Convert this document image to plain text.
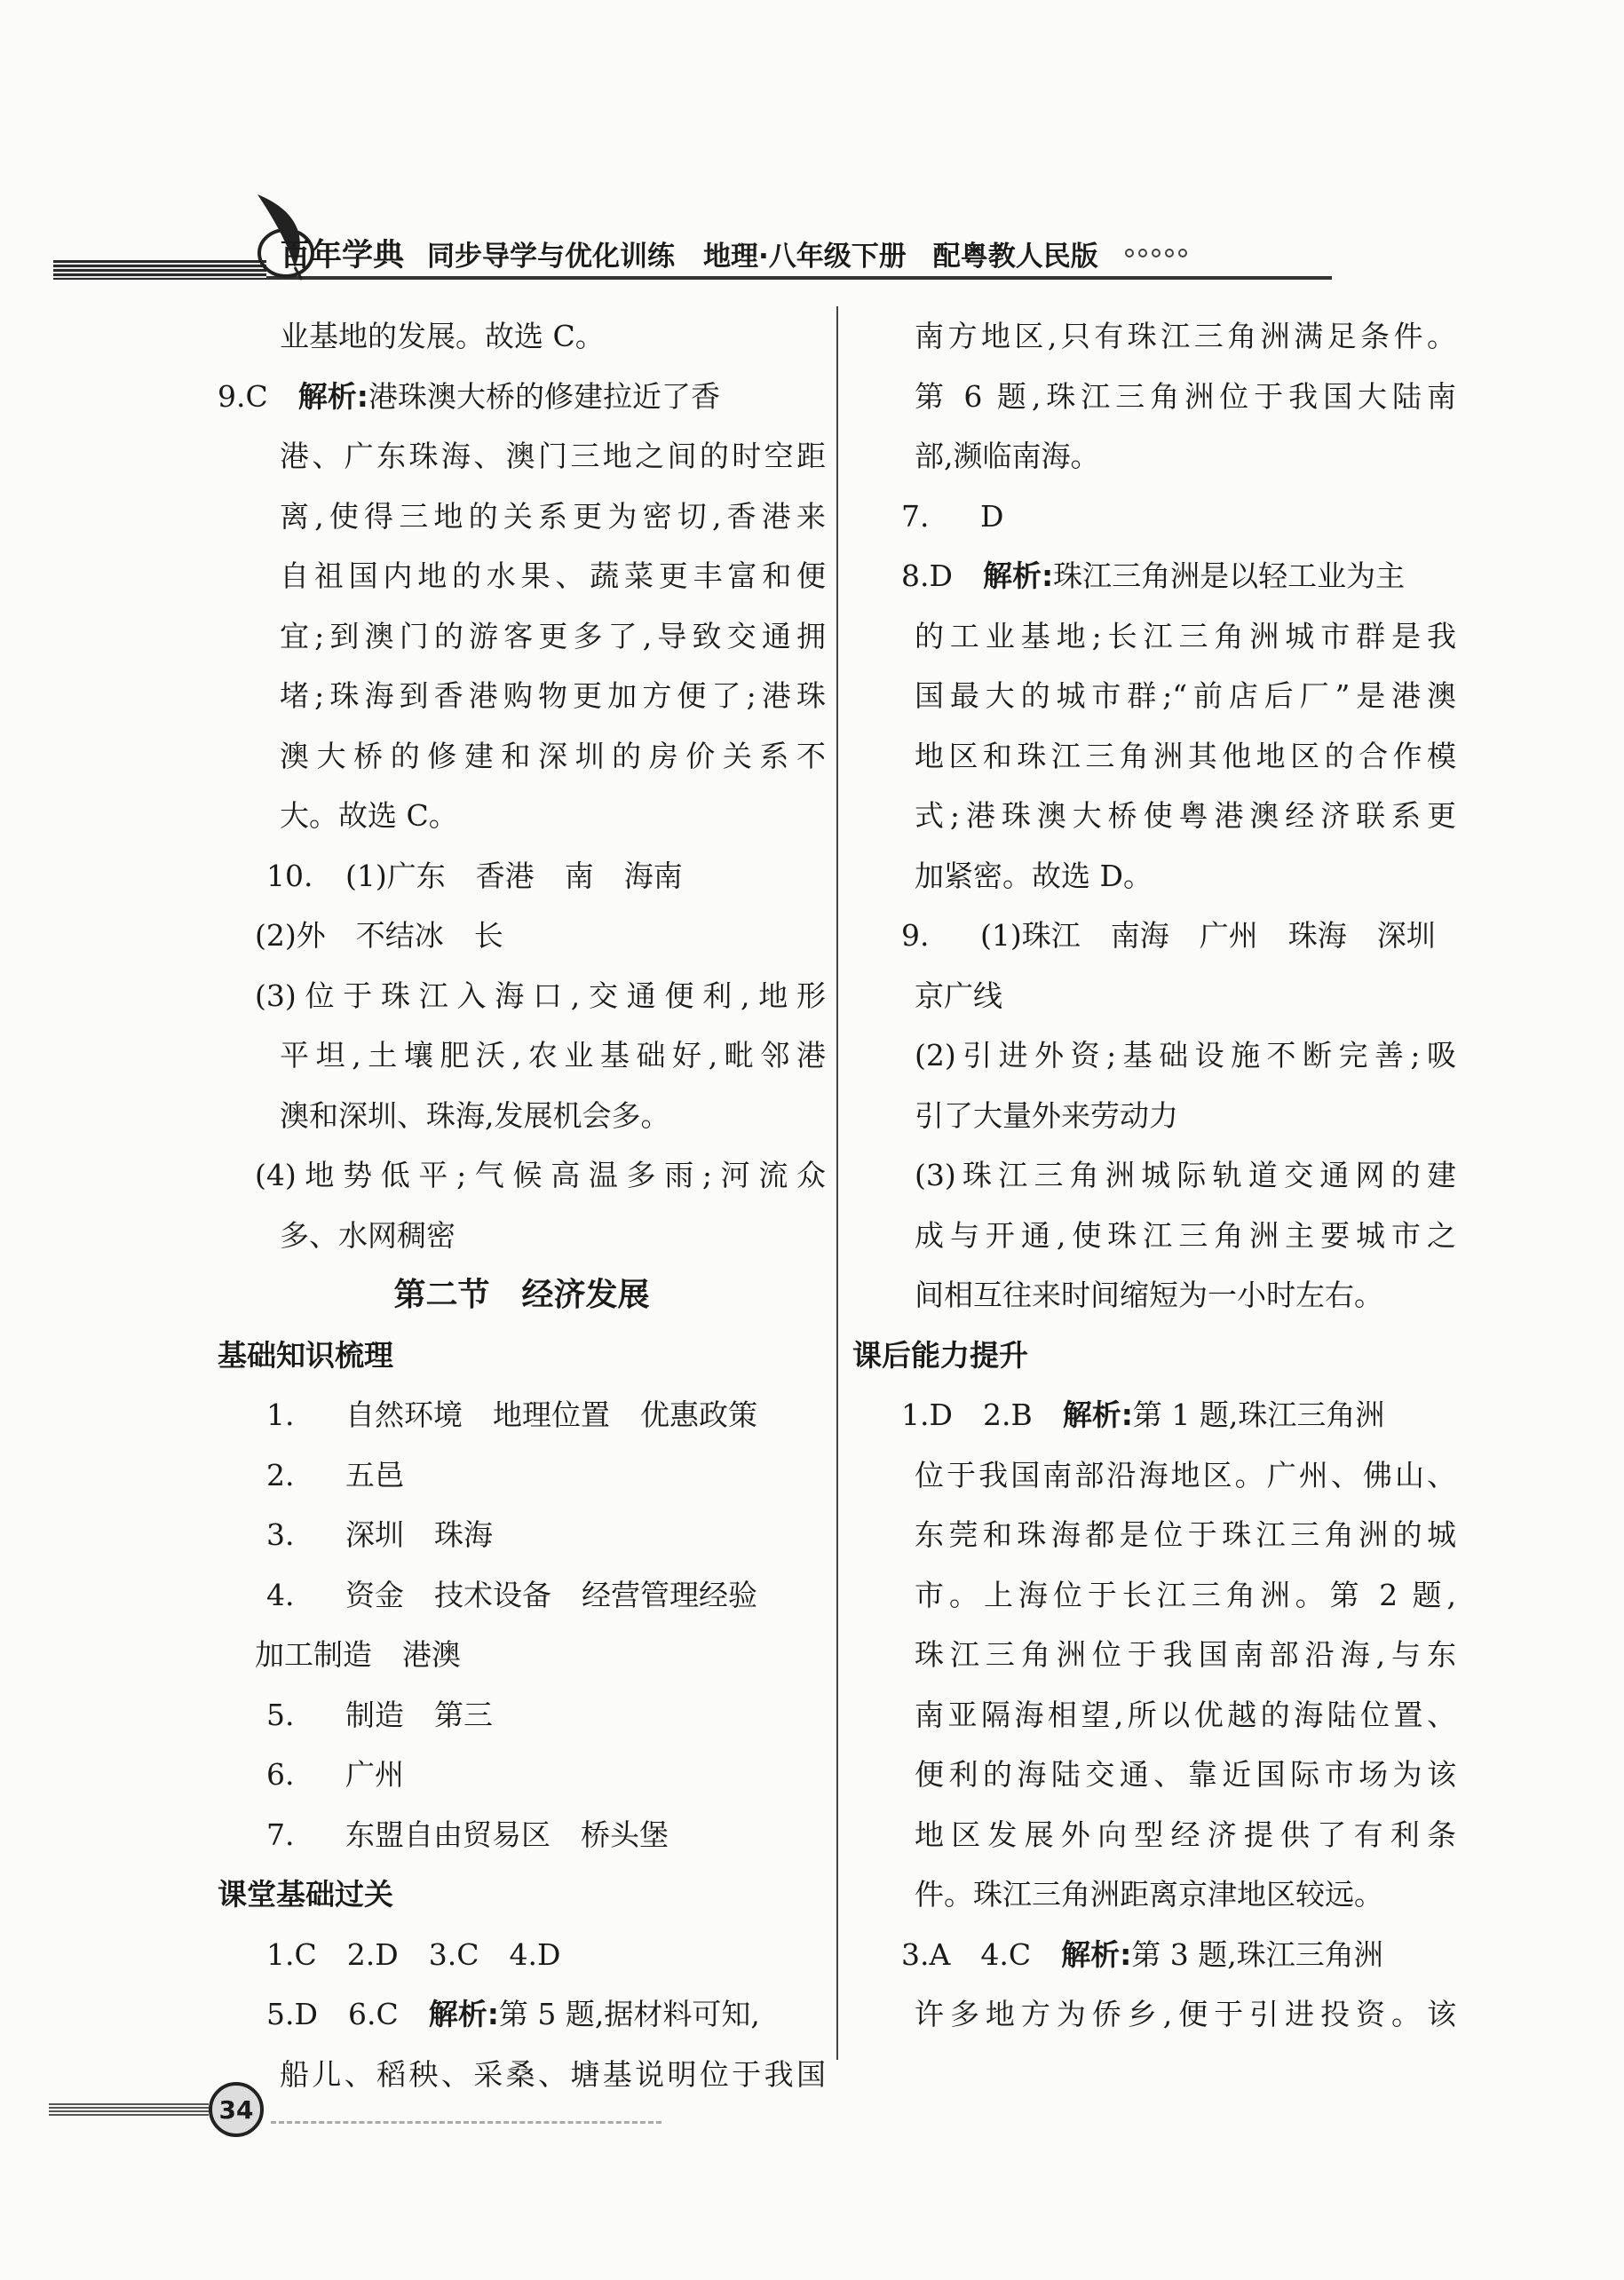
百年学典 同步导学与优化训练 地理·八年级下册 配粤教人民版
业基地的发展。故选 C。
9.C 解析:港珠澳大桥的修建拉近了香
港、广东珠海、澳门三地之间的时空距
离,使得三地的关系更为密切,香港来
自祖国内地的水果、蔬菜更丰富和便
宜;到澳门的游客更多了,导致交通拥
堵;珠海到香港购物更加方便了;港珠
澳大桥的修建和深圳的房价关系不
大。故选 C。
10. (1)广东 香港 南 海南
(2)外 不结冰 长
(3)位于珠江入海口,交通便利,地形
平坦,土壤肥沃,农业基础好,毗邻港
澳和深圳、珠海,发展机会多。
(4)地势低平;气候高温多雨;河流众
多、水网稠密
第二节　经济发展
基础知识梳理
1. 自然环境 地理位置 优惠政策
2. 五邑
3. 深圳 珠海
4. 资金 技术设备 经营管理经验
加工制造 港澳
5. 制造 第三
6. 广州
7. 东盟自由贸易区 桥头堡
课堂基础过关
1.C 2.D 3.C 4.D
5.D 6.C 解析:第 5 题,据材料可知,
船儿、稻秧、采桑、塘基说明位于我国
南方地区,只有珠江三角洲满足条件。
第 6 题,珠江三角洲位于我国大陆南
部,濒临南海。
7. D
8.D 解析:珠江三角洲是以轻工业为主
的工业基地;长江三角洲城市群是我
国最大的城市群;“前店后厂”是港澳
地区和珠江三角洲其他地区的合作模
式;港珠澳大桥使粤港澳经济联系更
加紧密。故选 D。
9. (1)珠江 南海 广州 珠海 深圳
京广线
(2)引进外资;基础设施不断完善;吸
引了大量外来劳动力
(3)珠江三角洲城际轨道交通网的建
成与开通,使珠江三角洲主要城市之
间相互往来时间缩短为一小时左右。
课后能力提升
1.D 2.B 解析:第 1 题,珠江三角洲
位于我国南部沿海地区。广州、佛山、
东莞和珠海都是位于珠江三角洲的城
市。上海位于长江三角洲。第 2 题,
珠江三角洲位于我国南部沿海,与东
南亚隔海相望,所以优越的海陆位置、
便利的海陆交通、靠近国际市场为该
地区发展外向型经济提供了有利条
件。珠江三角洲距离京津地区较远。
3.A 4.C 解析:第 3 题,珠江三角洲
许多地方为侨乡,便于引进投资。该
34
